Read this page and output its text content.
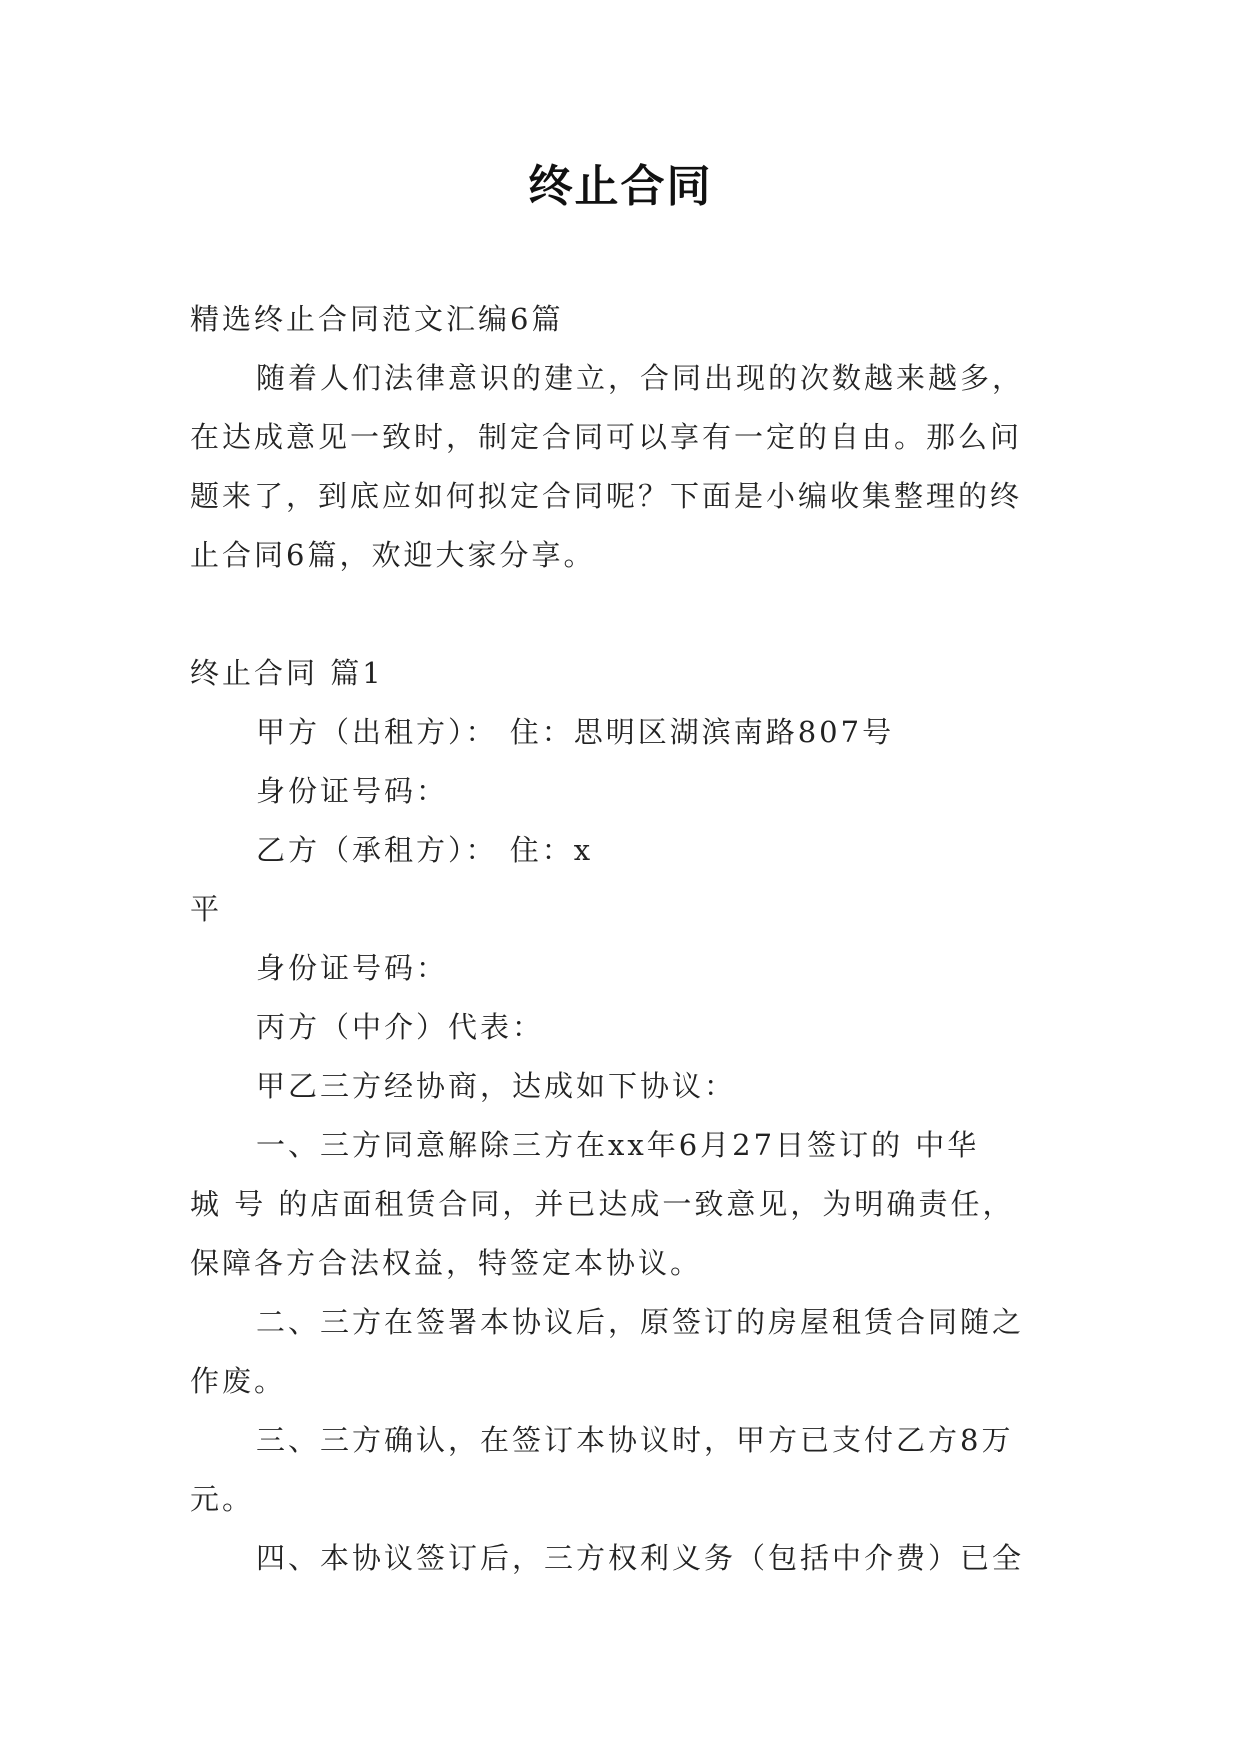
终止合同

精选终止合同范文汇编6篇

随着人们法律意识的建立，合同出现的次数越来越多，

在达成意见一致时，制定合同可以享有一定的自由。那么问

题来了，到底应如何拟定合同呢？下面是小编收集整理的终

止合同6篇，欢迎大家分享。

终止合同 篇1

甲方（出租方）： 住：思明区湖滨南路807号

身份证号码：

乙方（承租方）： 住：x

平

身份证号码：

丙方（中介）代表：

甲乙三方经协商，达成如下协议：

一、三方同意解除三方在xx年6月27日签订的 中华

城 号 的店面租赁合同，并已达成一致意见，为明确责任，

保障各方合法权益，特签定本协议。

二、三方在签署本协议后，原签订的房屋租赁合同随之

作废。

三、三方确认，在签订本协议时，甲方已支付乙方8万

元。

四、本协议签订后，三方权利义务（包括中介费）已全
